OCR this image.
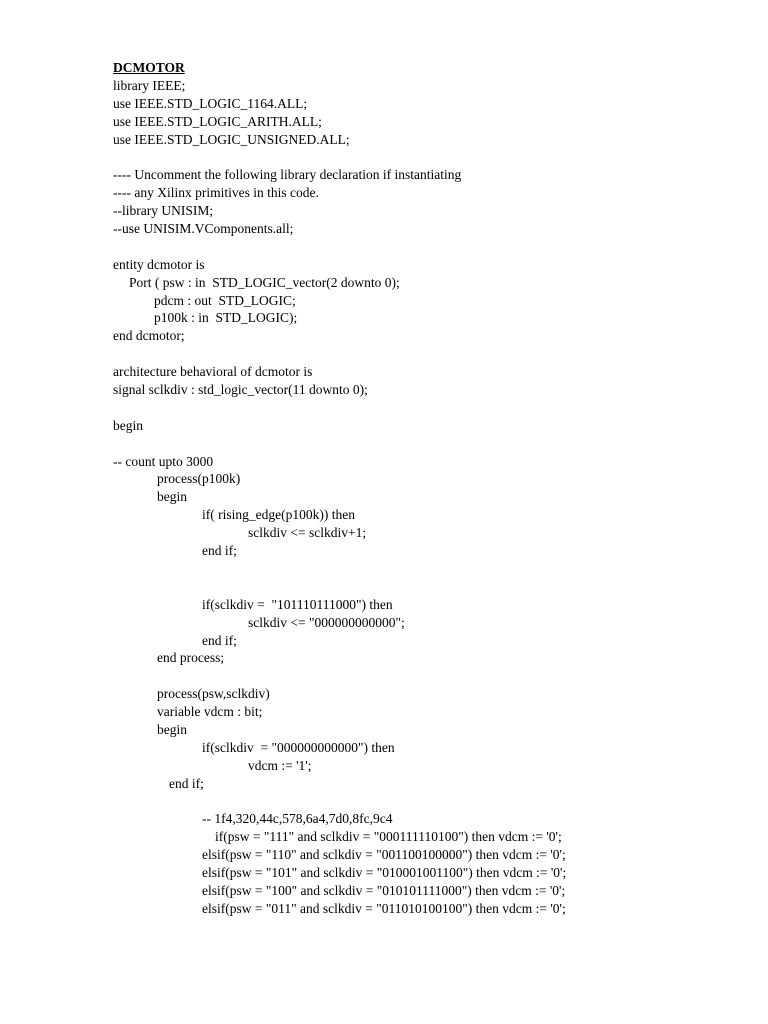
DCMOTOR
library IEEE;
use IEEE.STD_LOGIC_1164.ALL;
use IEEE.STD_LOGIC_ARITH.ALL;
use IEEE.STD_LOGIC_UNSIGNED.ALL;
---- Uncomment the following library declaration if instantiating
---- any Xilinx primitives in this code.
--library UNISIM;
--use UNISIM.VComponents.all;
entity dcmotor is
Port ( psw : in  STD_LOGIC_vector(2 downto 0);
pdcm : out  STD_LOGIC;
p100k : in  STD_LOGIC);
end dcmotor;
architecture behavioral of dcmotor is
signal sclkdiv : std_logic_vector(11 downto 0);
begin
-- count upto 3000
process(p100k)
begin
if( rising_edge(p100k)) then
sclkdiv <= sclkdiv+1;
end if;
if(sclkdiv =  "101110111000") then
sclkdiv <= "000000000000";
end if;
end process;
process(psw,sclkdiv)
variable vdcm : bit;
begin
if(sclkdiv  = "000000000000") then
vdcm := '1';
end if;
-- 1f4,320,44c,578,6a4,7d0,8fc,9c4
if(psw = "111" and sclkdiv = "000111110100") then vdcm := '0';
elsif(psw = "110" and sclkdiv = "001100100000") then vdcm := '0';
elsif(psw = "101" and sclkdiv = "010001001100") then vdcm := '0';
elsif(psw = "100" and sclkdiv = "010101111000") then vdcm := '0';
elsif(psw = "011" and sclkdiv = "011010100100") then vdcm := '0';
